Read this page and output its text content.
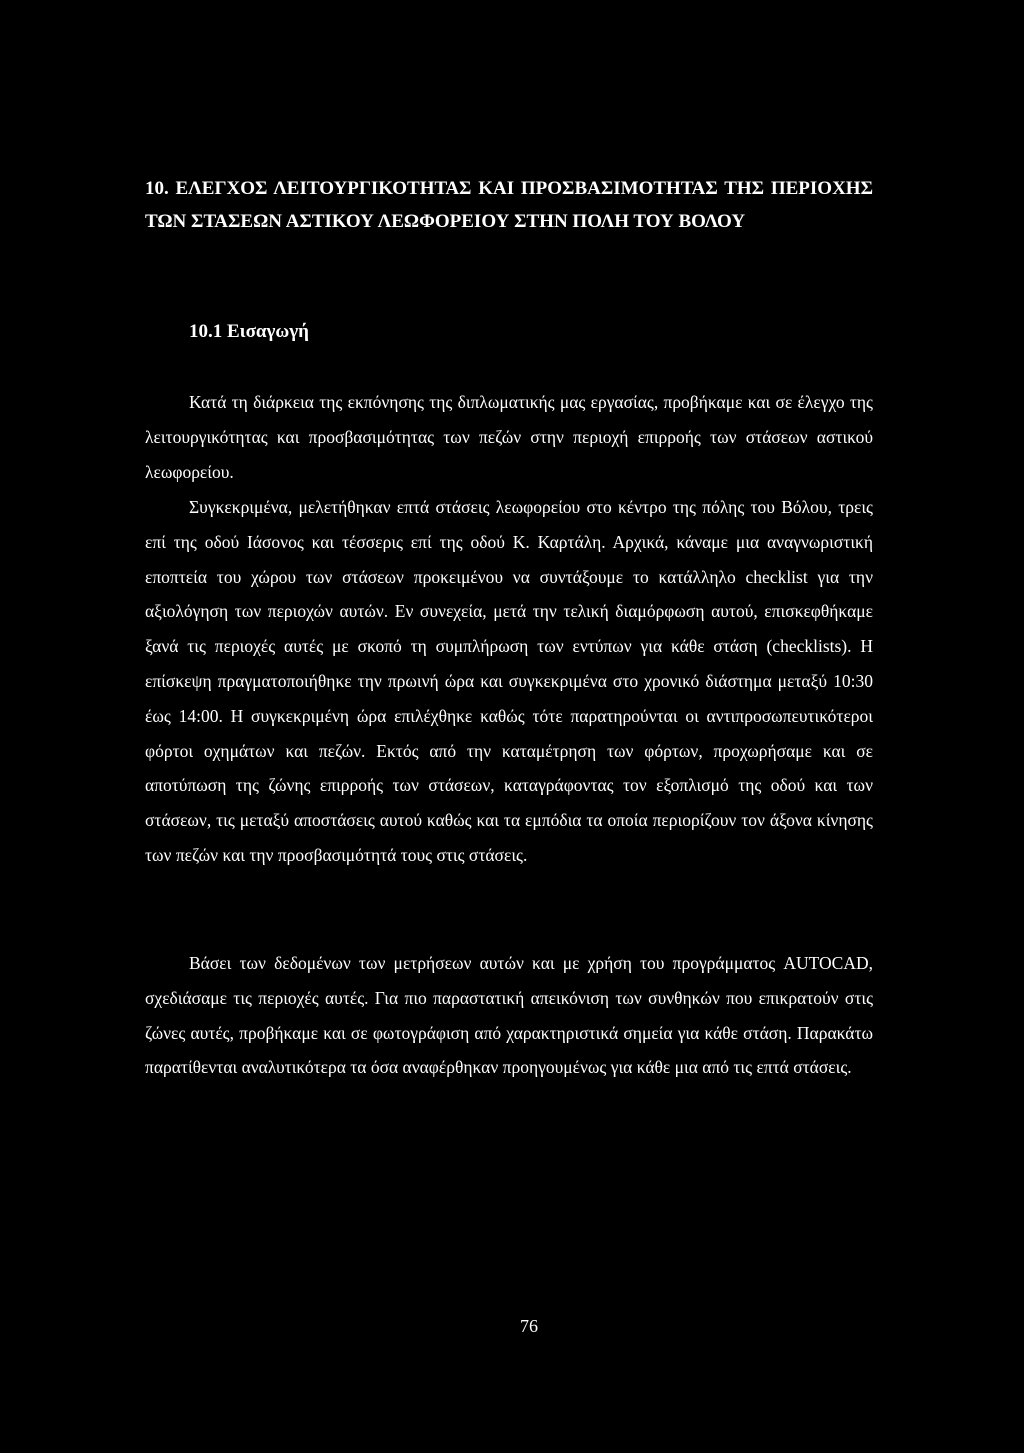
10. ΕΛΕΓΧΟΣ ΛΕΙΤΟΥΡΓΙΚΟΤΗΤΑΣ ΚΑΙ ΠΡΟΣΒΑΣΙΜΟΤΗΤΑΣ ΤΗΣ ΠΕΡΙΟΧΗΣ ΤΩΝ ΣΤΑΣΕΩΝ ΑΣΤΙΚΟΥ ΛΕΩΦΟΡΕΙΟΥ ΣΤΗΝ ΠΟΛΗ ΤΟΥ ΒΟΛΟΥ
10.1 Εισαγωγή

Κατά τη διάρκεια της εκπόνησης της διπλωματικής μας εργασίας, προβήκαμε και σε έλεγχο της λειτουργικότητας και προσβασιμότητας των πεζών στην περιοχή επιρροής των στάσεων αστικού λεωφορείου.

Συγκεκριμένα, μελετήθηκαν επτά στάσεις λεωφορείου στο κέντρο της πόλης του Βόλου, τρεις επί της οδού Ιάσονος και τέσσερις επί της οδού Κ. Καρτάλη. Αρχικά, κάναμε μια αναγνωριστική εποπτεία του χώρου των στάσεων προκειμένου να συντάξουμε το κατάλληλο checklist για την αξιολόγηση των περιοχών αυτών. Εν συνεχεία, μετά την τελική διαμόρφωση αυτού, επισκεφθήκαμε ξανά τις περιοχές αυτές με σκοπό τη συμπλήρωση των εντύπων για κάθε στάση (checklists). Η επίσκεψη πραγματοποιήθηκε την πρωινή ώρα και συγκεκριμένα στο χρονικό διάστημα μεταξύ 10:30 έως 14:00. Η συγκεκριμένη ώρα επιλέχθηκε καθώς τότε παρατηρούνται οι αντιπροσωπευτικότεροι φόρτοι οχημάτων και πεζών. Εκτός από την καταμέτρηση των φόρτων, προχωρήσαμε και σε αποτύπωση της ζώνης επιρροής των στάσεων, καταγράφοντας τον εξοπλισμό της οδού και των στάσεων, τις μεταξύ αποστάσεις αυτού καθώς και τα εμπόδια τα οποία περιορίζουν τον άξονα κίνησης των πεζών και την προσβασιμότητά τους στις στάσεις.

Βάσει των δεδομένων των μετρήσεων αυτών και με χρήση του προγράμματος AUTOCAD, σχεδιάσαμε τις περιοχές αυτές. Για πιο παραστατική απεικόνιση των συνθηκών που επικρατούν στις ζώνες αυτές, προβήκαμε και σε φωτογράφιση από χαρακτηριστικά σημεία για κάθε στάση. Παρακάτω παρατίθενται αναλυτικότερα τα όσα αναφέρθηκαν προηγουμένως για κάθε μια από τις επτά στάσεις.

76
